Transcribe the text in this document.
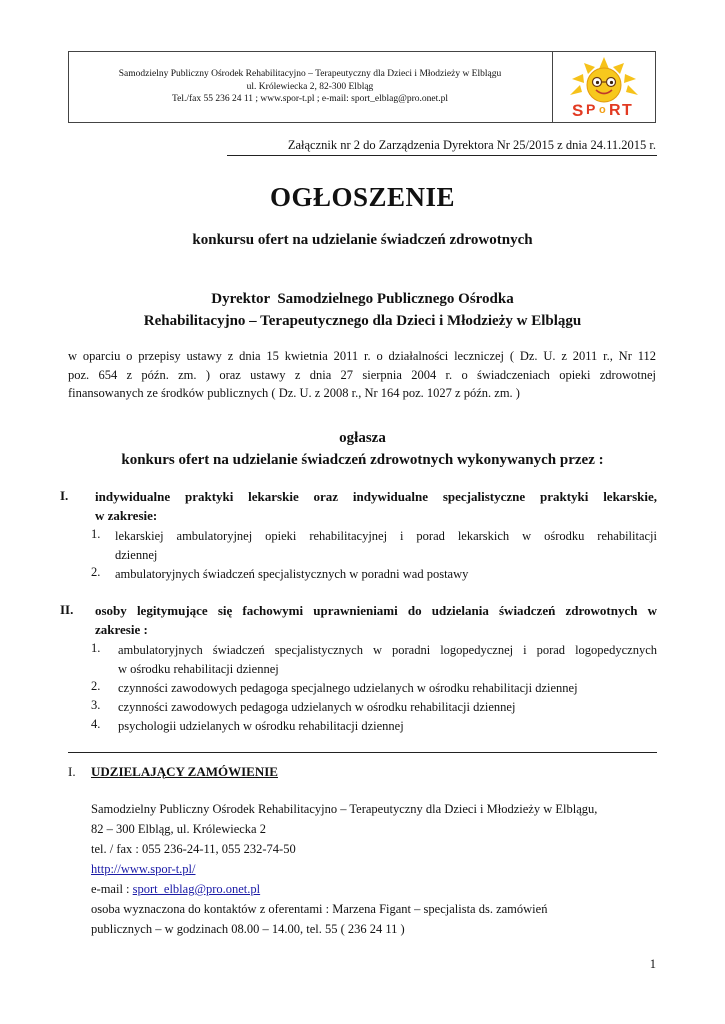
Samodzielny Publiczny Ośrodek Rehabilitacyjno – Terapeutyczny dla Dzieci i Młodzieży w Elblągu
ul. Królewiecka 2, 82-300 Elbląg
Tel./fax 55 236 24 11 ; www.spor-t.pl ; e-mail: sport_elblag@pro.onet.pl
S P o R T
Załącznik nr 2 do Zarządzenia Dyrektora Nr 25/2015 z dnia 24.11.2015 r.
OGŁOSZENIE
konkursu ofert na udzielanie świadczeń zdrowotnych
Dyrektor  Samodzielnego Publicznego Ośrodka
Rehabilitacyjno – Terapeutycznego dla Dzieci i Młodzieży w Elblągu
w oparciu o przepisy ustawy z dnia 15 kwietnia 2011 r. o działalności leczniczej ( Dz. U. z 2011 r., Nr 112
poz. 654 z późn. zm. ) oraz ustawy z dnia 27 sierpnia 2004 r. o świadczeniach opieki zdrowotnej
finansowanych ze środków publicznych ( Dz. U. z 2008 r., Nr 164 poz. 1027 z późn. zm. )
ogłasza
konkurs ofert na udzielanie świadczeń zdrowotnych wykonywanych przez :
I. indywidualne praktyki lekarskie oraz indywidualne specjalistyczne praktyki lekarskie,
w zakresie:
1. lekarskiej ambulatoryjnej opieki rehabilitacyjnej i porad lekarskich w ośrodku rehabilitacji
dziennej
2. ambulatoryjnych świadczeń specjalistycznych w poradni wad postawy
II. osoby legitymujące się fachowymi uprawnieniami do udzielania świadczeń zdrowotnych w
zakresie :
1. ambulatoryjnych świadczeń specjalistycznych w poradni logopedycznej i porad logopedycznych
w ośrodku rehabilitacji dziennej
2. czynności zawodowych pedagoga specjalnego udzielanych w ośrodku rehabilitacji dziennej
3. czynności zawodowych pedagoga udzielanych w ośrodku rehabilitacji dziennej
4. psychologii udzielanych w ośrodku rehabilitacji dziennej
I. UDZIELAJĄCY ZAMÓWIENIE
Samodzielny Publiczny Ośrodek Rehabilitacyjno – Terapeutyczny dla Dzieci i Młodzieży w Elblągu,
82 – 300 Elbląg, ul. Królewiecka 2
tel. / fax : 055 236-24-11, 055 232-74-50
http://www.spor-t.pl/
e-mail : sport_elblag@pro.onet.pl
osoba wyznaczona do kontaktów z oferentami : Marzena Figant – specjalista ds. zamówień
publicznych – w godzinach 08.00 – 14.00, tel. 55 ( 236 24 11 )
1
